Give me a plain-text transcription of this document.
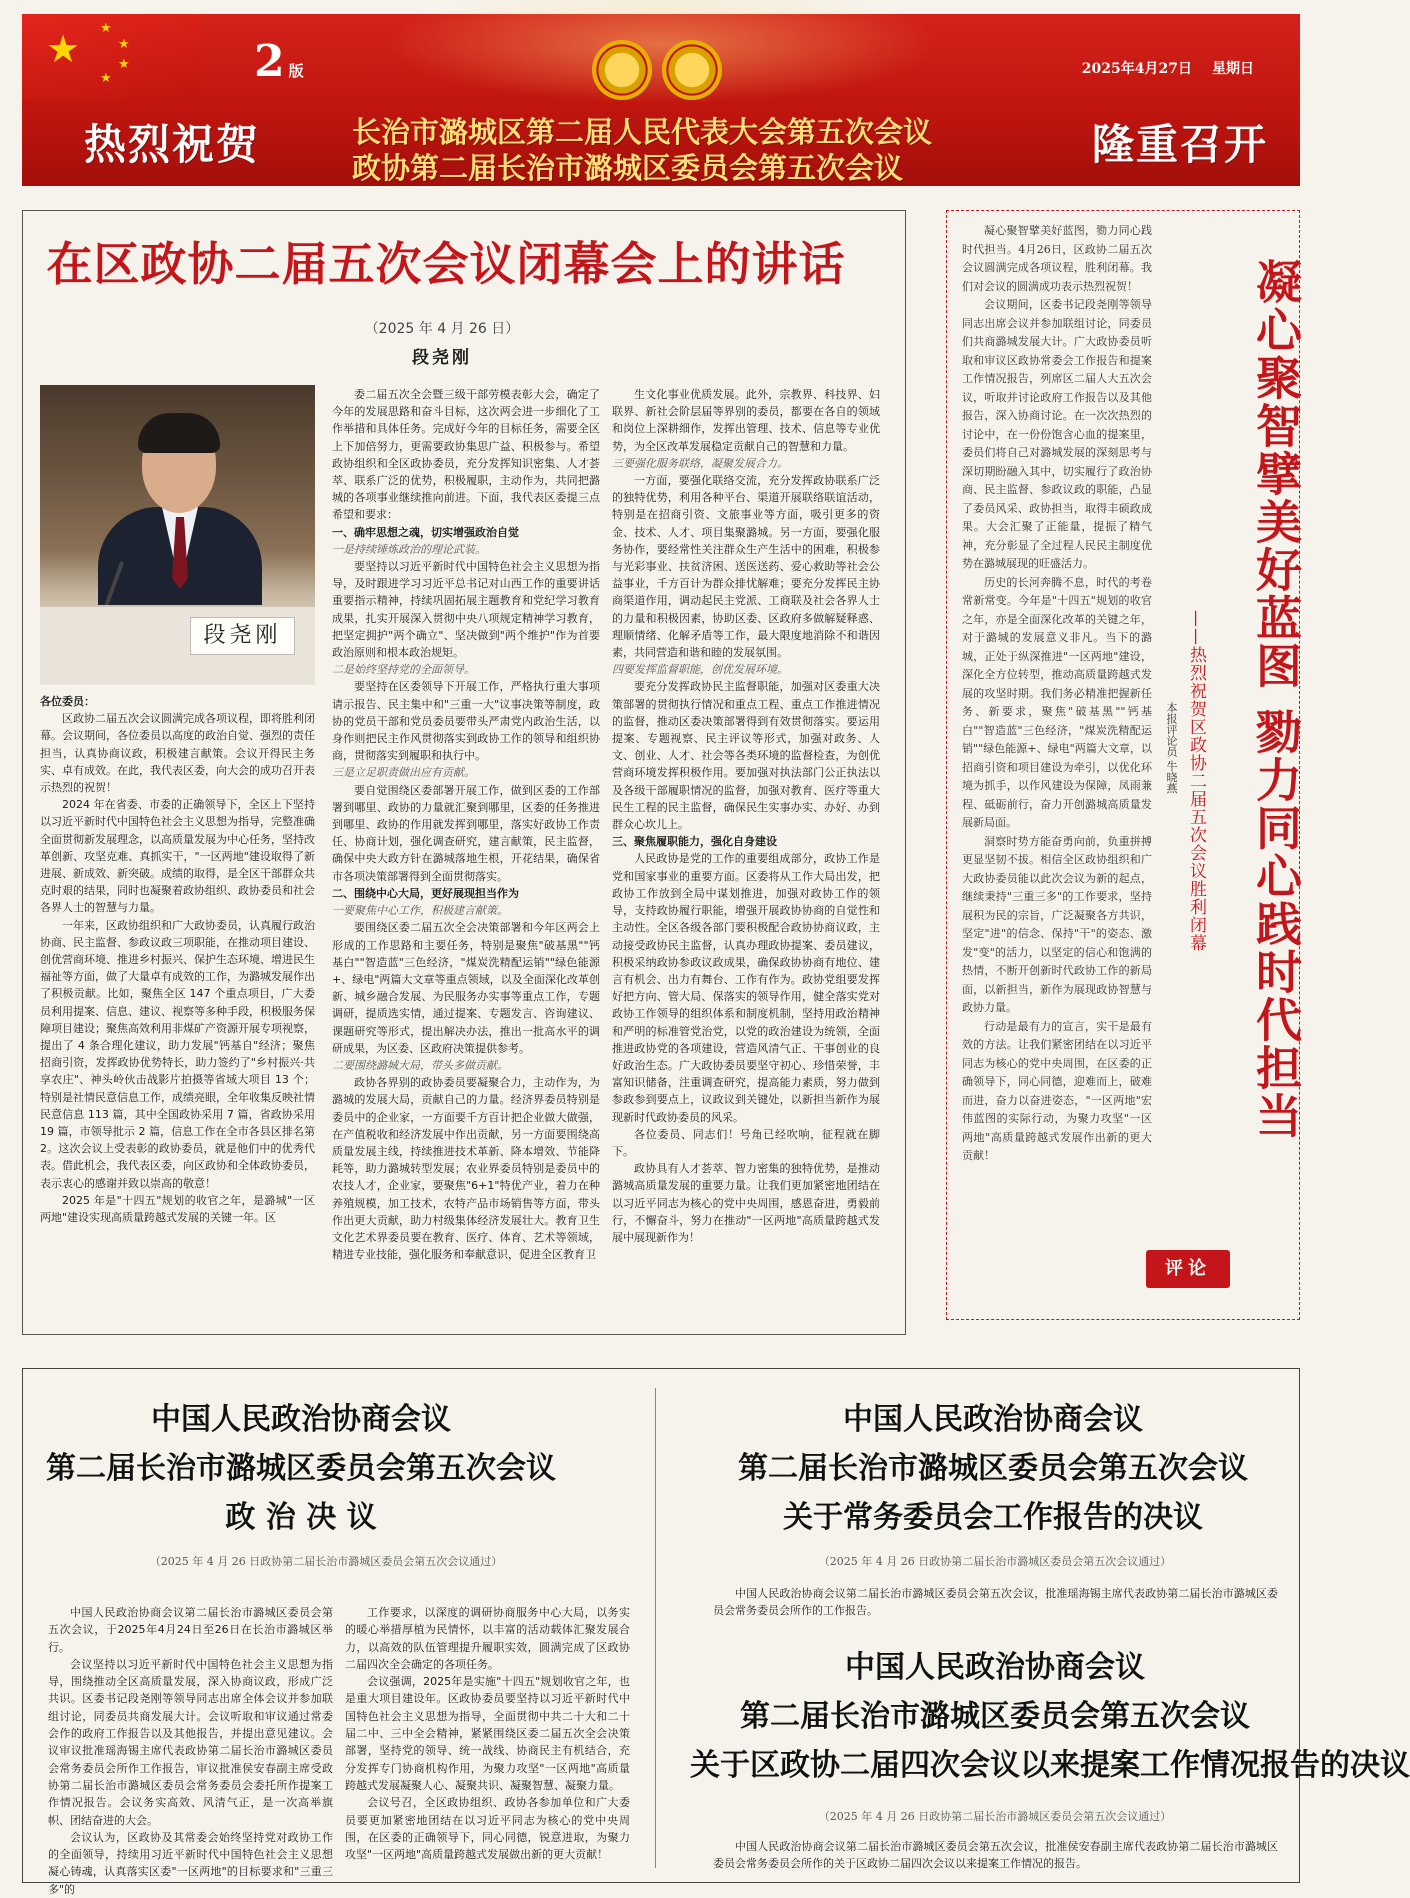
★ ★
★
★
★	2 版	2025年4月27日 星期日
热烈祝贺	长治市潞城区第二届人民代表大会第五次会议
政协第二届长治市潞城区委员会第五次会议	隆重召开
在区政协二届五次会议闭幕会上的讲话
（2025 年 4 月 26 日）
段尧刚
段尧刚

各位委员：

区政协二届五次会议圆满完成各项议程，即将胜利闭幕。会议期间，各位委员以高度的政治自觉、强烈的责任担当，认真协商议政，积极建言献策。会议开得民主务实、卓有成效。在此，我代表区委，向大会的成功召开表示热烈的祝贺！

2024 年在省委、市委的正确领导下，全区上下坚持以习近平新时代中国特色社会主义思想为指导，完整准确全面贯彻新发展理念，以高质量发展为中心任务，坚持改革创新、攻坚克难、真抓实干，"一区两地"建设取得了新进展、新成效、新突破。成绩的取得，是全区干部群众共克时艰的结果，同时也凝聚着政协组织、政协委员和社会各界人士的智慧与力量。

一年来，区政协组织和广大政协委员，认真履行政治协商、民主监督、参政议政三项职能，在推动项目建设、创优营商环境、推进乡村振兴、保护生态环境、增进民生福祉等方面，做了大量卓有成效的工作，为潞城发展作出了积极贡献。比如，聚焦全区 147 个重点项目，广大委员利用提案、信息、建议、视察等多种手段，积极服务保障项目建设；聚焦高效利用非煤矿产资源开展专项视察，提出了 4 条合理化建议，助力发展"钙基自"经济；聚焦招商引资，发挥政协优势特长，助力签约了"乡村振兴·共享农庄"、神头岭伙击战影片拍摄等省域大项目 13 个；特别是社情民意信息工作，成绩亮眼，全年收集反映社情民意信息 113 篇，其中全国政协采用 7 篇，省政协采用 19 篇，市领导批示 2 篇，信息工作在全市各县区排名第 2。这次会议上受表彰的政协委员，就是他们中的优秀代表。借此机会，我代表区委，向区政协和全体政协委员，表示衷心的感谢并致以崇高的敬意！

2025 年是"十四五"规划的收官之年，是潞城"一区两地"建设实现高质量跨越式发展的关键一年。区

委二届五次全会暨三级干部劳模表彰大会，确定了今年的发展思路和奋斗目标，这次两会进一步细化了工作举措和具体任务。完成好今年的目标任务，需要全区上下加倍努力，更需要政协集思广益、积极参与。希望政协组织和全区政协委员，充分发挥知识密集、人才荟萃、联系广泛的优势，积极履职，主动作为，共同把潞城的各项事业继续推向前进。下面，我代表区委提三点希望和要求：

一、确牢思想之魂，切实增强政治自觉

一是持续锤炼政治的理论武装。

要坚持以习近平新时代中国特色社会主义思想为指导，及时跟进学习习近平总书记对山西工作的重要讲话重要指示精神，持续巩固拓展主题教育和党纪学习教育成果，扎实开展深入贯彻中央八项规定精神学习教育，把坚定拥护"两个确立"、坚决做到"两个维护"作为首要政治原则和根本政治规矩。

二是始终坚持党的全面领导。

要坚持在区委领导下开展工作，严格执行重大事项请示报告、民主集中和"三重一大"议事决策等制度，政协的党员干部和党员委员要带头严肃党内政治生活，以身作则把民主作风贯彻落实到政协工作的领导和组织协商，贯彻落实到履职和执行中。

三是立足职责做出应有贡献。

要自觉围绕区委部署开展工作，做到区委的工作部署到哪里、政协的力量就汇聚到哪里，区委的任务推进到哪里、政协的作用就发挥到哪里，落实好政协工作责任、协商计划，强化调查研究，建言献策，民主监督，确保中央大政方针在潞城落地生根，开花结果，确保省市各项决策部署得到全面贯彻落实。

二、围绕中心大局，更好展现担当作为

一要聚焦中心工作，积极建言献策。

要围绕区委二届五次全会决策部署和今年区两会上形成的工作思路和主要任务，特别是聚焦"破基黑""钙基白""智造蓝"三色经济，"煤炭洗精配运销""绿色能源+、绿电"两篇大文章等重点领域，以及全面深化改革创新、城乡融合发展、为民服务办实事等重点工作，专题调研，提质选实情，通过提案、专题发言、咨询建议、课题研究等形式，提出解决办法，推出一批高水平的调研成果，为区委、区政府决策提供参考。

二要围绕潞城大局，带头多做贡献。

政协各界别的政协委员要凝聚合力，主动作为，为潞城的发展大局，贡献自己的力量。经济界委员特别是委员中的企业家，一方面要千方百计把企业做大做强，在产值税收和经济发展中作出贡献，另一方面要围绕高质量发展主线，持续推进技术革新、降本增效、节能降耗等，助力潞城转型发展；农业界委员特别是委员中的农技人才，企业家，要聚焦"6+1"特优产业，着力在种养殖规模，加工技术，农特产品市场销售等方面，带头作出更大贡献，助力村级集体经济发展壮大。教育卫生文化艺术界委员要在教育、医疗、体育、艺术等领域，精进专业技能，强化服务和奉献意识，促进全区教育卫

生文化事业优质发展。此外，宗教界、科技界、妇联界、新社会阶层届等界别的委员，都要在各自的领域和岗位上深耕细作，发挥出管理、技术、信息等专业优势，为全区改革发展稳定贡献自己的智慧和力量。

三要强化服务联络，凝聚发展合力。

一方面，要强化联络交流，充分发挥政协联系广泛的独特优势，利用各种平台、渠道开展联络联谊活动，特别是在招商引资、文旅事业等方面，吸引更多的资金、技术、人才、项目集聚潞城。另一方面，要强化服务协作，要经常性关注群众生产生活中的困难，积极参与光彩事业、扶贫济困、送医送药、爱心救助等社会公益事业，千方百计为群众排忧解难；要充分发挥民主协商渠道作用，调动起民主党派、工商联及社会各界人士的力量和积极因素，协助区委、区政府多做解疑释惑、理顺情绪、化解矛盾等工作，最大限度地消除不和谐因素，共同营造和谐和睦的发展氛围。

四要发挥监督职能，创优发展环境。

要充分发挥政协民主监督职能，加强对区委重大决策部署的贯彻执行情况和重点工程、重点工作推进情况的监督，推动区委决策部署得到有效贯彻落实。要运用提案、专题视察、民主评议等形式，加强对政务、人文、创业、人才、社会等各类环境的监督检查，为创优营商环境发挥积极作用。要加强对执法部门公正执法以及各级干部履职情况的监督，加强对教育、医疗等重大民生工程的民主监督，确保民生实事办实、办好、办到群众心坎儿上。

三、聚焦履职能力，强化自身建设

人民政协是党的工作的重要组成部分，政协工作是党和国家事业的重要方面。区委将从工作大局出发，把政协工作放到全局中谋划推进，加强对政协工作的领导，支持政协履行职能，增强开展政协协商的自觉性和主动性。全区各级各部门要积极配合政协协商议政，主动接受政协民主监督，认真办理政协提案、委员建议，积极采纳政协参政议政成果，确保政协协商有地位、建言有机会、出力有舞台、工作有作为。政协党组要发挥好把方向、管大局、保落实的领导作用，健全落实党对政协工作领导的组织体系和制度机制，坚持用政治精神和严明的标准管党治党，以党的政治建设为统领，全面推进政协党的各项建设，营造风清气正、干事创业的良好政治生态。广大政协委员要坚守初心、珍惜荣誉，丰富知识储备，注重调查研究，提高能力素质，努力做到参政参到要点上，议政议到关键处，以新担当新作为展现新时代政协委员的风采。

各位委员、同志们！号角已经吹响，征程就在脚下。

政协具有人才荟萃、智力密集的独特优势，是推动潞城高质量发展的重要力量。让我们更加紧密地团结在以习近平同志为核心的党中央周围，感恩奋进，勇毅前行，不懈奋斗，努力在推动"一区两地"高质量跨越式发展中展现新作为！

凝心聚智擘美好蓝图，勠力同心践时代担当。4月26日，区政协二届五次会议圆满完成各项议程，胜利闭幕。我们对会议的圆满成功表示热烈祝贺！

会议期间，区委书记段尧刚等领导同志出席会议并参加联组讨论，同委员们共商潞城发展大计。广大政协委员听取和审议区政协常委会工作报告和提案工作情况报告，列席区二届人大五次会议，听取并讨论政府工作报告以及其他报告，深入协商讨论。在一次次热烈的讨论中，在一份份饱含心血的提案里，委员们将自己对潞城发展的深刻思考与深切期盼融入其中，切实履行了政治协商、民主监督、参政议政的职能，凸显了委员风采、政协担当，取得丰硕政成果。大会汇聚了正能量，提振了精气神，充分彰显了全过程人民民主制度优势在潞城展现的旺盛活力。

历史的长河奔腾不息，时代的考卷常新常变。今年是"十四五"规划的收官之年，亦是全面深化改革的关键之年，对于潞城的发展意义非凡。当下的潞城，正处于纵深推进"一区两地"建设，深化全方位转型，推动高质量跨越式发展的攻坚时期。我们务必精准把握新任务、新要求，聚焦"破基黑""钙基白""智造蓝"三色经济，"煤炭洗精配运销""绿色能源+、绿电"两篇大文章，以招商引资和项目建设为牵引，以优化环境为抓手，以作风建设为保障，凤雨兼程、砥砺前行，奋力开创潞城高质量发展新局面。

洞察时势方能奋勇向前，负重拼搏更显坚韧不拔。相信全区政协组织和广大政协委员能以此次会议为新的起点，继续秉持"三重三多"的工作要求，坚持展积为民的宗旨，广泛凝聚各方共识，坚定"进"的信念、保持"干"的姿态、激发"变"的活力，以坚定的信心和饱满的热情，不断开创新时代政协工作的新局面，以新担当，新作为展现政协智慧与政协力量。

行动是最有力的宣言，实干是最有效的方法。让我们紧密团结在以习近平同志为核心的党中央周围，在区委的正确领导下，同心同德，迎难而上，破难而进，奋力以奋进姿态，"一区两地"宏伟蓝图的实际行动，为聚力攻坚"一区两地"高质量跨越式发展作出新的更大贡献！

凝心聚智擘美好蓝图 勠力同心践时代担当
——热烈祝贺区政协二届五次会议胜利闭幕
本报评论员 牛晓燕
评论
中国人民政治协商会议
第二届长治市潞城区委员会第五次会议
政 治 决 议
（2025 年 4 月 26 日政协第二届长治市潞城区委员会第五次会议通过）

中国人民政治协商会议第二届长治市潞城区委员会第五次会议，于2025年4月24日至26日在长治市潞城区举行。

会议坚持以习近平新时代中国特色社会主义思想为指导，围绕推动全区高质量发展，深入协商议政，形成广泛共识。区委书记段尧刚等领导同志出席全体会议并参加联组讨论，同委员共商发展大计。会议听取和审议通过常委会作的政府工作报告以及其他报告，并提出意见建议。会议审议批准瑶海锡主席代表政协第二届长治市潞城区委员会常务委员会所作工作报告，审议批准侯安春副主席受政协第二届长治市潞城区委员会常务委员会委托所作提案工作情况报告。会议务实高效、风清气正，是一次高举旗帜、团结奋进的大会。

会议认为，区政协及其常委会始终坚持党对政协工作的全面领导，持续用习近平新时代中国特色社会主义思想凝心铸魂，认真落实区委"一区两地"的目标要求和"三重三多"的

工作要求，以深度的调研协商服务中心大局，以务实的暖心举措厚植为民情怀，以丰富的活动载体汇聚发展合力，以高效的队伍管理提升履职实效，圆满完成了区政协二届四次全会确定的各项任务。

会议强调，2025年是实施"十四五"规划收官之年，也是重大项目建设年。区政协委员要坚持以习近平新时代中国特色社会主义思想为指导，全面贯彻中共二十大和二十届二中、三中全会精神，紧紧围绕区委二届五次全会决策部署，坚持党的领导、统一战线、协商民主有机结合，充分发挥专门协商机构作用，为聚力攻坚"一区两地"高质量跨越式发展凝聚人心、凝聚共识、凝聚智慧、凝聚力量。

会议号召，全区政协组织、政协各参加单位和广大委员要更加紧密地团结在以习近平同志为核心的党中央周围，在区委的正确领导下，同心同德，锐意进取，为聚力攻坚"一区两地"高质量跨越式发展做出新的更大贡献！

中国人民政治协商会议
第二届长治市潞城区委员会第五次会议
关于常务委员会工作报告的决议
（2025 年 4 月 26 日政协第二届长治市潞城区委员会第五次会议通过）

中国人民政治协商会议第二届长治市潞城区委员会第五次会议，批准瑶海锡主席代表政协第二届长治市潞城区委员会常务委员会所作的工作报告。

中国人民政治协商会议
第二届长治市潞城区委员会第五次会议
关于区政协二届四次会议以来提案工作情况报告的决议
（2025 年 4 月 26 日政协第二届长治市潞城区委员会第五次会议通过）

中国人民政治协商会议第二届长治市潞城区委员会第五次会议，批准侯安春副主席代表政协第二届长治市潞城区委员会常务委员会所作的关于区政协二届四次会议以来提案工作情况的报告。
